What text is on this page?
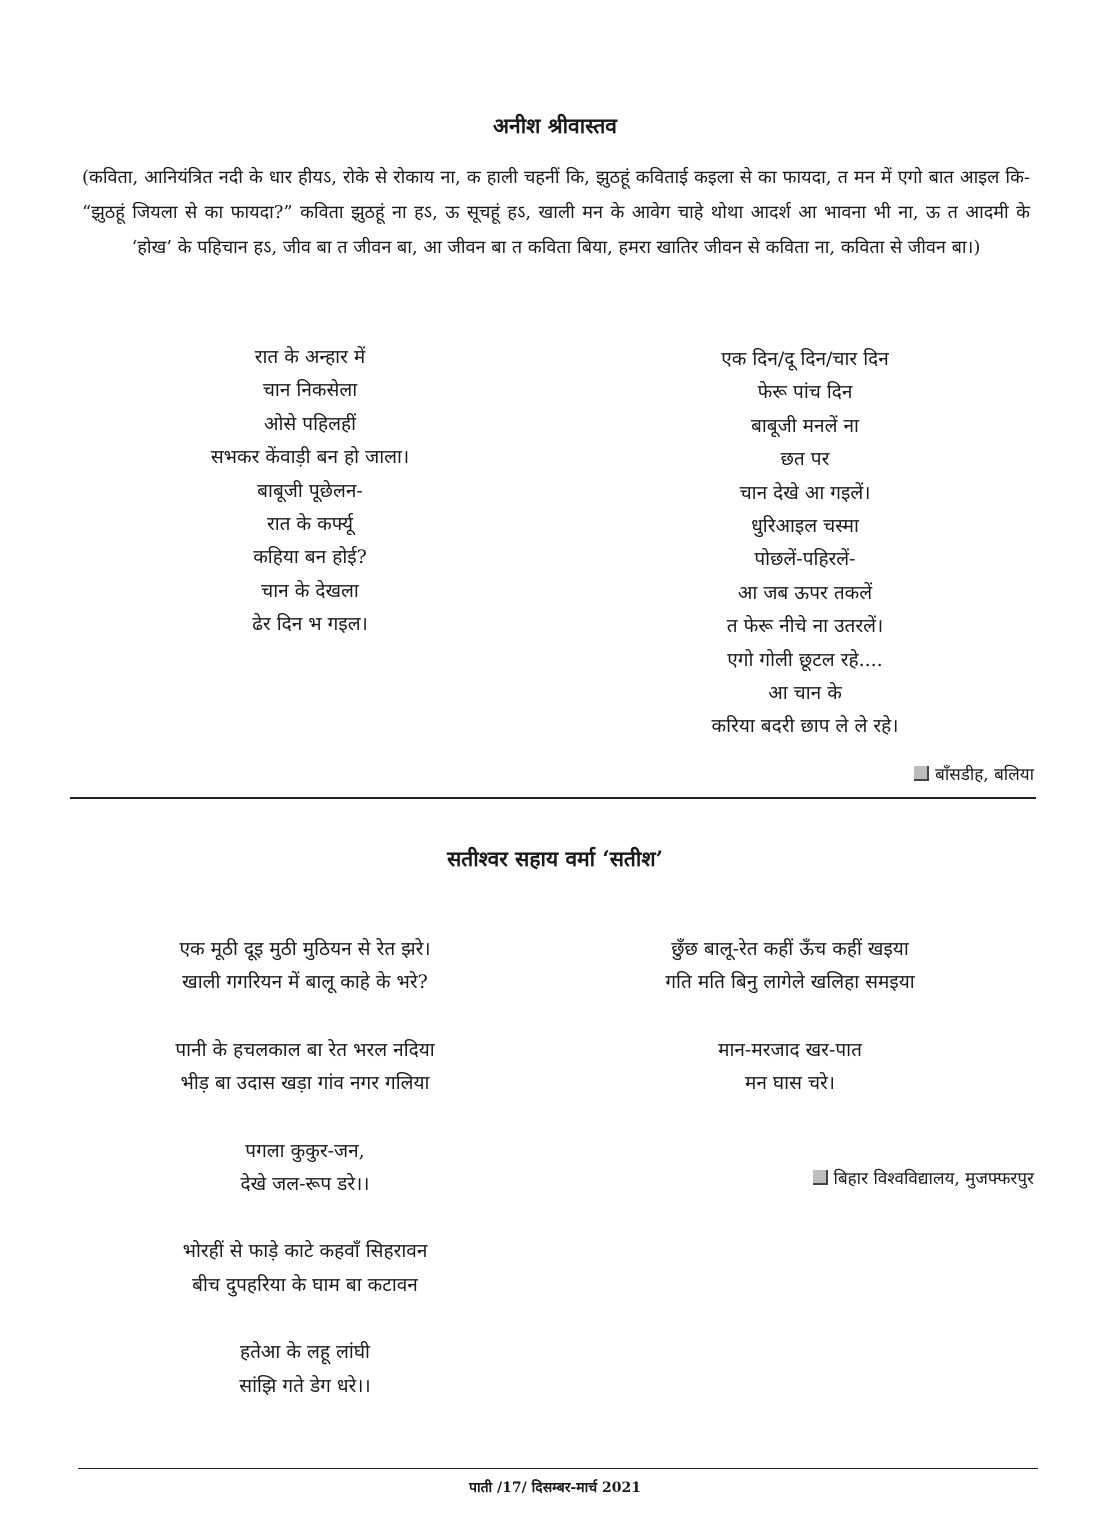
अनीश श्रीवास्तव
(कविता, आनियंत्रित नदी के धार हीयऽ, रोके से रोकाय ना, क हाली चहनीं कि, झुठहूं कविताई कइला से का फायदा, त मन में एगो बात आइल कि- “झुठहूं जियला से का फायदा?” कविता झुठहूं ना हऽ, ऊ सूचहूं हऽ, खाली मन के आवेग चाहे थोथा आदर्श आ भावना भी ना, ऊ त आदमी के ‘होख’ के पहिचान हऽ, जीव बा त जीवन बा, आ जीवन बा त कविता बिया, हमरा खातिर जीवन से कविता ना, कविता से जीवन बा।)
रात के अन्हार में
चान निकसेला
ओसे पहिलहीं
सभकर केंवाड़ी बन हो जाला।
बाबूजी पूछेलन-
रात के कर्फ्यू
कहिया बन होई?
चान के देखला
ढेर दिन भ गइल।
एक दिन/दू दिन/चार दिन
फेरू पांच दिन
बाबूजी मनलें ना
छत पर
चान देखे आ गइलें।
धुरिआइल चस्मा
पोछलें-पहिरलें-
आ जब ऊपर तकलें
त फेरू नीचे ना उतरलें।
एगो गोली छूटल रहे....
आ चान के
करिया बदरी छाप ले ले रहे।
बाँसडीह, बलिया
सतीश्वर सहाय वर्मा ‘सतीश’
एक मूठी दूइ मुठी मुठियन से रेत झरे।
खाली गगरियन में बालू काहे के भरे?
पानी के हचलकाल बा रेत भरल नदिया
भीड़ बा उदास खड़ा गांव नगर गलिया
पगला कुकुर-जन,
देखे जल-रूप डरे।।
भोरहीं से फाड़े काटे कहवाँ सिहरावन
बीच दुपहरिया के घाम बा कटावन
हतेआ के लहू लांघी
सांझि गते डेग धरे।।
छुँछ बालू-रेत कहीं ऊँच कहीं खइया
गति मति बिनु लागेले खलिहा समइया
मान-मरजाद खर-पात
मन घास चरे।
बिहार विश्वविद्यालय, मुजफ्फरपुर
पाती /17/ दिसम्बर-मार्च 2021
